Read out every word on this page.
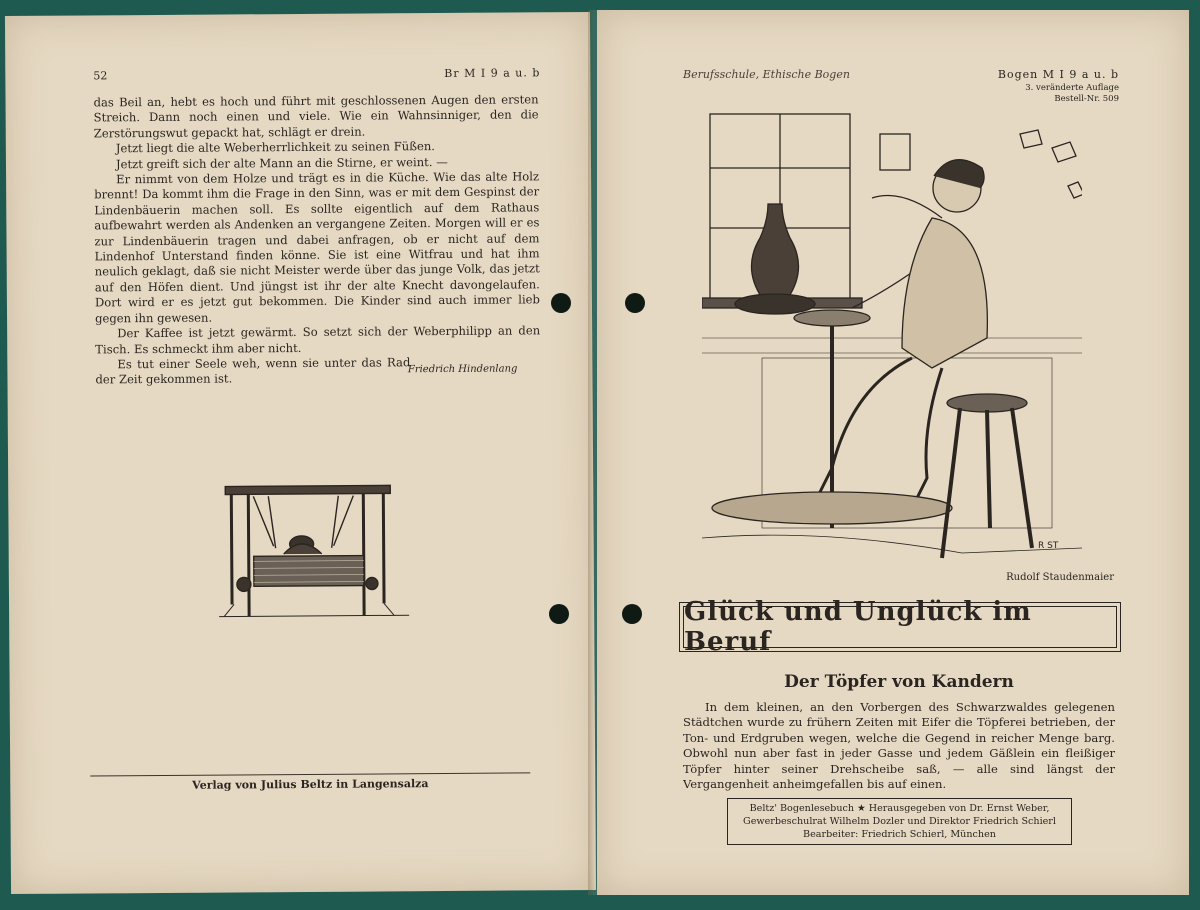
52	Br M I 9 a u. b

das Beil an, hebt es hoch und führt mit geschlossenen Augen den ersten Streich. Dann noch einen und viele. Wie ein Wahnsinniger, den die Zerstörungswut gepackt hat, schlägt er drein.

Jetzt liegt die alte Weberherrlichkeit zu seinen Füßen.

Jetzt greift sich der alte Mann an die Stirne, er weint. —

Er nimmt von dem Holze und trägt es in die Küche. Wie das alte Holz brennt! Da kommt ihm die Frage in den Sinn, was er mit dem Gespinst der Lindenbäuerin machen soll. Es sollte eigentlich auf dem Rathaus aufbewahrt werden als Andenken an vergangene Zeiten. Morgen will er es zur Lindenbäuerin tragen und dabei anfragen, ob er nicht auf dem Lindenhof Unterstand finden könne. Sie ist eine Witfrau und hat ihm neulich geklagt, daß sie nicht Meister werde über das junge Volk, das jetzt auf den Höfen dient. Und jüngst ist ihr der alte Knecht davongelaufen. Dort wird er es jetzt gut bekommen. Die Kinder sind auch immer lieb gegen ihn gewesen.

Der Kaffee ist jetzt gewärmt. So setzt sich der Weberphilipp an den Tisch. Es schmeckt ihm aber nicht.

Es tut einer Seele weh, wenn sie unter das Rad der Zeit gekommen ist.

Friedrich Hindenlang
Verlag von Julius Beltz in Langensalza
Berufsschule, Ethische Bogen	Bogen M I 9 a u. b
3. veränderte Auflage
Bestell-Nr. 509
R ST
Rudolf Staudenmaier
Glück und Unglück im Beruf
Der Töpfer von Kandern
In dem kleinen, an den Vorbergen des Schwarzwaldes gelegenen Städtchen wurde zu frühern Zeiten mit Eifer die Töpferei betrieben, der Ton- und Erdgruben wegen, welche die Gegend in reicher Menge barg. Obwohl nun aber fast in jeder Gasse und jedem Gäßlein ein fleißiger Töpfer hinter seiner Drehscheibe saß, — alle sind längst der Vergangenheit anheimgefallen bis auf einen.
Beltz' Bogenlesebuch ★ Herausgegeben von Dr. Ernst Weber,
Gewerbeschulrat Wilhelm Dozler und Direktor Friedrich Schierl
Bearbeiter: Friedrich Schierl, München
